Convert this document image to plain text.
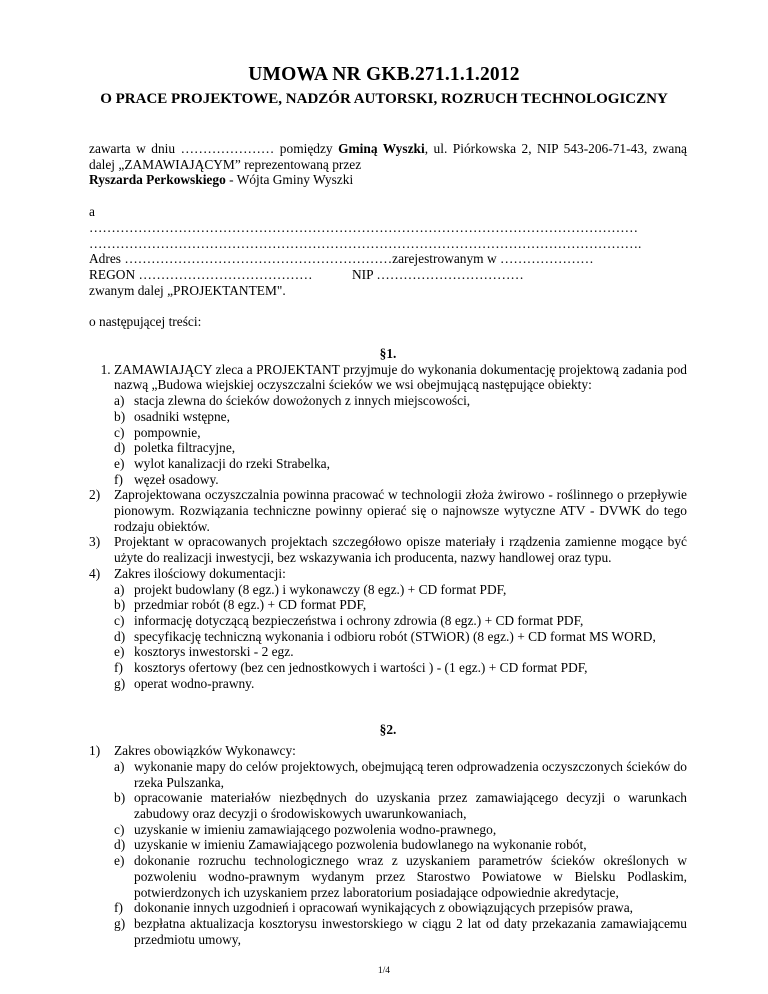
UMOWA NR GKB.271.1.1.2012
O PRACE PROJEKTOWE, NADZÓR AUTORSKI, ROZRUCH TECHNOLOGICZNY
zawarta w dniu ………………… pomiędzy Gminą Wyszki, ul. Piórkowska 2, NIP 543-206-71-43, zwaną dalej „ZAMAWIAJĄCYM” reprezentowaną przez
Ryszarda Perkowskiego - Wójta Gminy Wyszki
a
……………………………………………………………………………………………………………
…………………………………………………………………………………………………………….
Adres ……………………………………………………zarejestrowanym w …………………
REGON …………………………………	NIP ……………………………
zwanym dalej „PROJEKTANTEM".
o następującej treści:
§1.
1. ZAMAWIAJĄCY zleca a PROJEKTANT przyjmuje do wykonania dokumentację projektową zadania pod nazwą „Budowa wiejskiej oczyszczalni ścieków we wsi obejmującą następujące obiekty:
stacja zlewna do ścieków dowożonych z innych miejscowości,
osadniki wstępne,
pompownie,
poletka filtracyjne,
wylot kanalizacji do rzeki Strabelka,
węzeł osadowy.
Zaprojektowana oczyszczalnia powinna pracować w technologii złoża żwirowo - roślinnego o przepływie pionowym. Rozwiązania techniczne powinny opierać się o najnowsze wytyczne ATV - DVWK do tego rodzaju obiektów.
Projektant w opracowanych projektach szczegółowo opisze materiały i rządzenia zamienne mogące być użyte do realizacji inwestycji, bez wskazywania ich producenta, nazwy handlowej oraz typu.
Zakres ilościowy dokumentacji:
projekt budowlany (8 egz.) i wykonawczy (8 egz.) + CD format PDF,
przedmiar robót (8 egz.) + CD format PDF,
informację dotyczącą bezpieczeństwa i ochrony zdrowia (8 egz.) + CD format PDF,
specyfikację techniczną wykonania i odbioru robót (STWiOR) (8 egz.) + CD format MS WORD,
kosztorys inwestorski - 2 egz.
kosztorys ofertowy (bez cen jednostkowych i wartości ) - (1 egz.) + CD format PDF,
operat wodno-prawny.
§2.
Zakres obowiązków Wykonawcy:
wykonanie mapy do celów projektowych, obejmującą teren odprowadzenia oczyszczonych ścieków do rzeka Pulszanka,
opracowanie materiałów niezbędnych do uzyskania przez zamawiającego decyzji o warunkach zabudowy oraz decyzji o środowiskowych uwarunkowaniach,
uzyskanie w imieniu zamawiającego pozwolenia wodno-prawnego,
uzyskanie w imieniu Zamawiającego pozwolenia budowlanego na wykonanie robót,
dokonanie rozruchu technologicznego wraz z uzyskaniem parametrów ścieków określonych w pozwoleniu wodno-prawnym wydanym przez Starostwo Powiatowe w Bielsku Podlaskim, potwierdzonych ich uzyskaniem przez laboratorium posiadające odpowiednie akredytacje,
dokonanie innych uzgodnień i opracowań wynikających z obowiązujących przepisów prawa,
bezpłatna aktualizacja kosztorysu inwestorskiego w ciągu 2 lat od daty przekazania zamawiającemu przedmiotu umowy,
1/4
